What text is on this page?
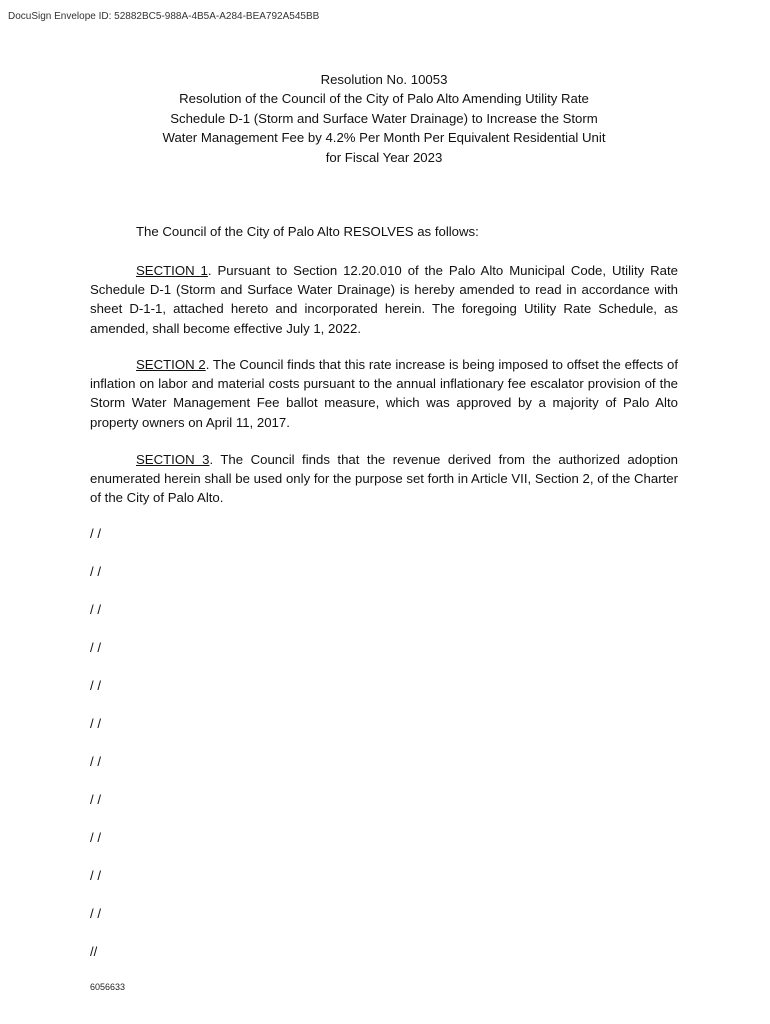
DocuSign Envelope ID: 52882BC5-988A-4B5A-A284-BEA792A545BB
Resolution No. 10053
Resolution of the Council of the City of Palo Alto Amending Utility Rate
Schedule D-1 (Storm and Surface Water Drainage) to Increase the Storm
Water Management Fee by 4.2% Per Month Per Equivalent Residential Unit
for Fiscal Year 2023
The Council of the City of Palo Alto RESOLVES as follows:
SECTION 1. Pursuant to Section 12.20.010 of the Palo Alto Municipal Code, Utility Rate Schedule D-1 (Storm and Surface Water Drainage) is hereby amended to read in accordance with sheet D-1-1, attached hereto and incorporated herein. The foregoing Utility Rate Schedule, as amended, shall become effective July 1, 2022.
SECTION 2. The Council finds that this rate increase is being imposed to offset the effects of inflation on labor and material costs pursuant to the annual inflationary fee escalator provision of the Storm Water Management Fee ballot measure, which was approved by a majority of Palo Alto property owners on April 11, 2017.
SECTION 3. The Council finds that the revenue derived from the authorized adoption enumerated herein shall be used only for the purpose set forth in Article VII, Section 2, of the Charter of the City of Palo Alto.
/ /
/ /
/ /
/ /
/ /
/ /
/ /
/ /
/ /
/ /
/ /
//
6056633
